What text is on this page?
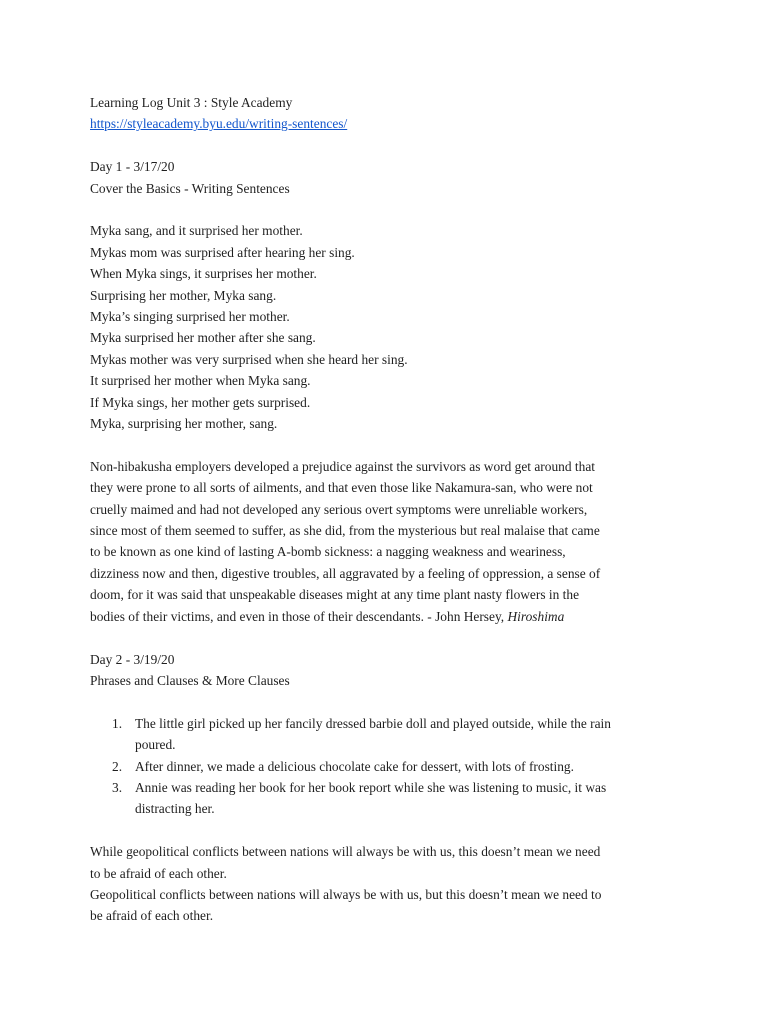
Learning Log Unit 3 : Style Academy
https://styleacademy.byu.edu/writing-sentences/
Day 1 - 3/17/20
Cover the Basics - Writing Sentences
Myka sang, and it surprised her mother.
Mykas mom was surprised after hearing her sing.
When Myka sings, it surprises her mother.
Surprising her mother, Myka sang.
Myka’s singing surprised her mother.
Myka surprised her mother after she sang.
Mykas mother was very surprised when she heard her sing.
It surprised her mother when Myka sang.
If Myka sings, her mother gets surprised.
Myka, surprising her mother, sang.
Non-hibakusha employers developed a prejudice against the survivors as word get around that
they were prone to all sorts of ailments, and that even those like Nakamura-san, who were not
cruelly maimed and had not developed any serious overt symptoms were unreliable workers,
since most of them seemed to suffer, as she did, from the mysterious but real malaise that came
to be known as one kind of lasting A-bomb sickness: a nagging weakness and weariness,
dizziness now and then, digestive troubles, all aggravated by a feeling of oppression, a sense of
doom, for it was said that unspeakable diseases might at any time plant nasty flowers in the
bodies of their victims, and even in those of their descendants. - John Hersey, Hiroshima
Day 2 - 3/19/20
Phrases and Clauses & More Clauses
1. The little girl picked up her fancily dressed barbie doll and played outside, while the rain
poured.
2. After dinner, we made a delicious chocolate cake for dessert, with lots of frosting.
3. Annie was reading her book for her book report while she was listening to music, it was
distracting her.
While geopolitical conflicts between nations will always be with us, this doesn’t mean we need
to be afraid of each other.
Geopolitical conflicts between nations will always be with us, but this doesn’t mean we need to
be afraid of each other.
